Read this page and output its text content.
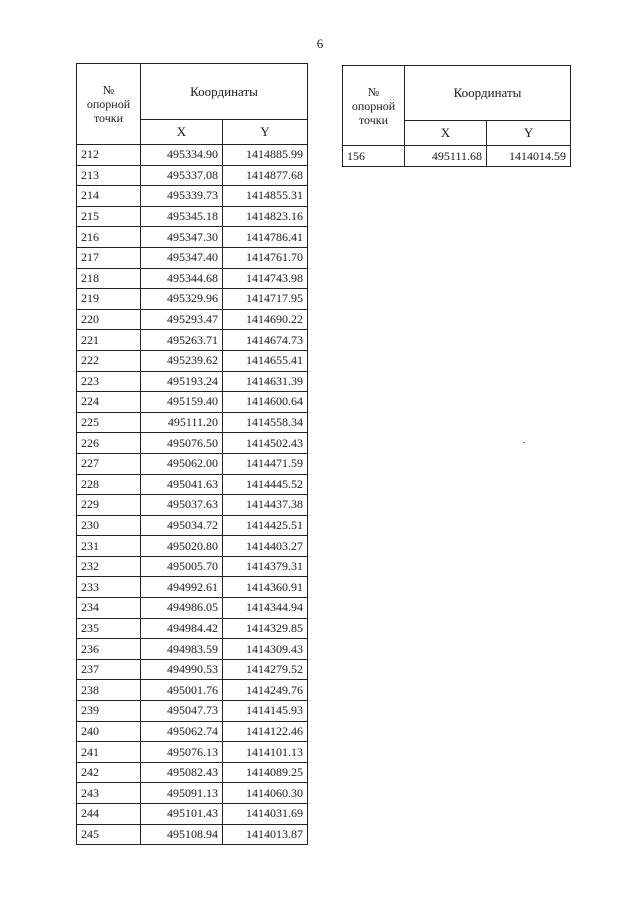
6
№
опорной
точки	Координаты	
	X	Y
212	495334.90	1414885.99
213	495337.08	1414877.68
214	495339.73	1414855.31
215	495345.18	1414823.16
216	495347.30	1414786.41
217	495347.40	1414761.70
218	495344.68	1414743.98
219	495329.96	1414717.95
220	495293.47	1414690.22
221	495263.71	1414674.73
222	495239.62	1414655.41
223	495193.24	1414631.39
224	495159.40	1414600.64
225	495111.20	1414558.34
226	495076.50	1414502.43
227	495062.00	1414471.59
228	495041.63	1414445.52
229	495037.63	1414437.38
230	495034.72	1414425.51
231	495020.80	1414403.27
232	495005.70	1414379.31
233	494992.61	1414360.91
234	494986.05	1414344.94
235	494984.42	1414329.85
236	494983.59	1414309.43
237	494990.53	1414279.52
238	495001.76	1414249.76
239	495047.73	1414145.93
240	495062.74	1414122.46
241	495076.13	1414101.13
242	495082.43	1414089.25
243	495091.13	1414060.30
244	495101.43	1414031.69
245	495108.94	1414013.87
№
опорной
точки	Координаты	
	X	Y
156	495111.68	1414014.59
